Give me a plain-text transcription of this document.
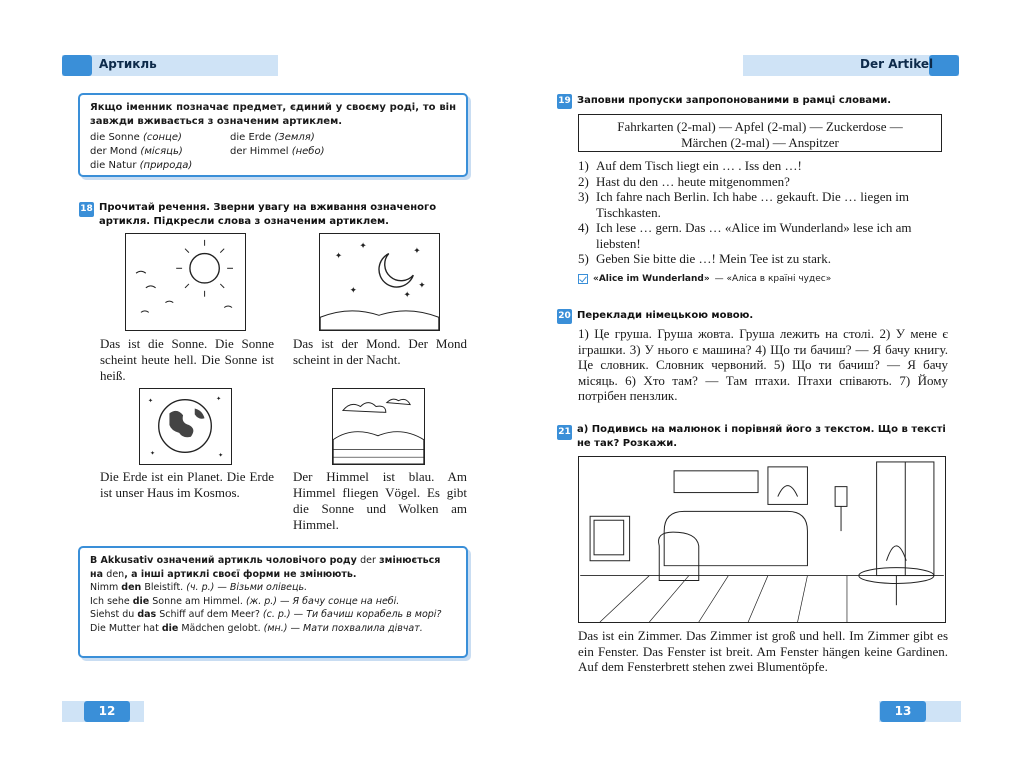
Артикль
Якщо іменник позначає предмет, єдиний у своєму роді, то він завжди вживається з означеним артиклем.
die Sonne (сонце)	die Erde (Земля)
der Mond (місяць)	der Himmel (небо)
die Natur (природа)
18 Прочитай речення. Зверни увагу на вживання означеного артикля. Підкресли слова з означеним артиклем.
✦
✦	✦
✦	✦
✦
✦	✦
✦	✦
Das ist die Sonne. Die Sonne scheint heute hell. Die Sonne ist heiß.
Das ist der Mond. Der Mond scheint in der Nacht.
Die Erde ist ein Planet. Die Erde ist unser Haus im Kosmos.
Der Himmel ist blau. Am Himmel fliegen Vögel. Es gibt die Sonne und Wolken am Himmel.
В Akkusativ означений артикль чоловічого роду der змінюється на den, а інші артиклі своєї форми не змінюють.
Nimm den Bleistift. (ч. р.) — Візьми олівець.
Ich sehe die Sonne am Himmel. (ж. р.) — Я бачу сонце на небі.
Siehst du das Schiff auf dem Meer? (с. р.) — Ти бачиш корабель в морі?
Die Mutter hat die Mädchen gelobt. (мн.) — Мати похвалила дівчат.
12
Der Artikel
19 Заповни пропуски запропонованими в рамці словами.
Fahrkarten (2-mal) — Apfel (2-mal) — Zuckerdose —
Märchen (2-mal) — Anspitzer
1) Auf dem Tisch liegt ein … . Iss den …!
2) Hast du den … heute mitgenommen?
3) Ich fahre nach Berlin. Ich habe … gekauft. Die … liegen im Tischkasten.
4) Ich lese … gern. Das … «Alice im Wunderland» lese ich am liebsten!
5) Geben Sie bitte die …! Mein Tee ist zu stark.
«Alice im Wunderland» — «Аліса в країні чудес»
20 Переклади німецькою мовою.
1) Це груша. Груша жовта. Груша лежить на столі. 2) У мене є іграшки. 3) У нього є машина? 4) Що ти бачиш? — Я бачу книгу. Це словник. Словник червоний. 5) Що ти бачиш? — Я бачу місяць. 6) Хто там? — Там птахи. Птахи співають. 7) Йому потрібен пензлик.
21 а) Подивись на малюнок і порівняй його з текстом. Що в тексті не так? Розкажи.
Das ist ein Zimmer. Das Zimmer ist groß und hell. Im Zimmer gibt es ein Fenster. Das Fenster ist breit. Am Fenster hängen keine Gardinen. Auf dem Fensterbrett stehen zwei Blumentöpfe.
13
